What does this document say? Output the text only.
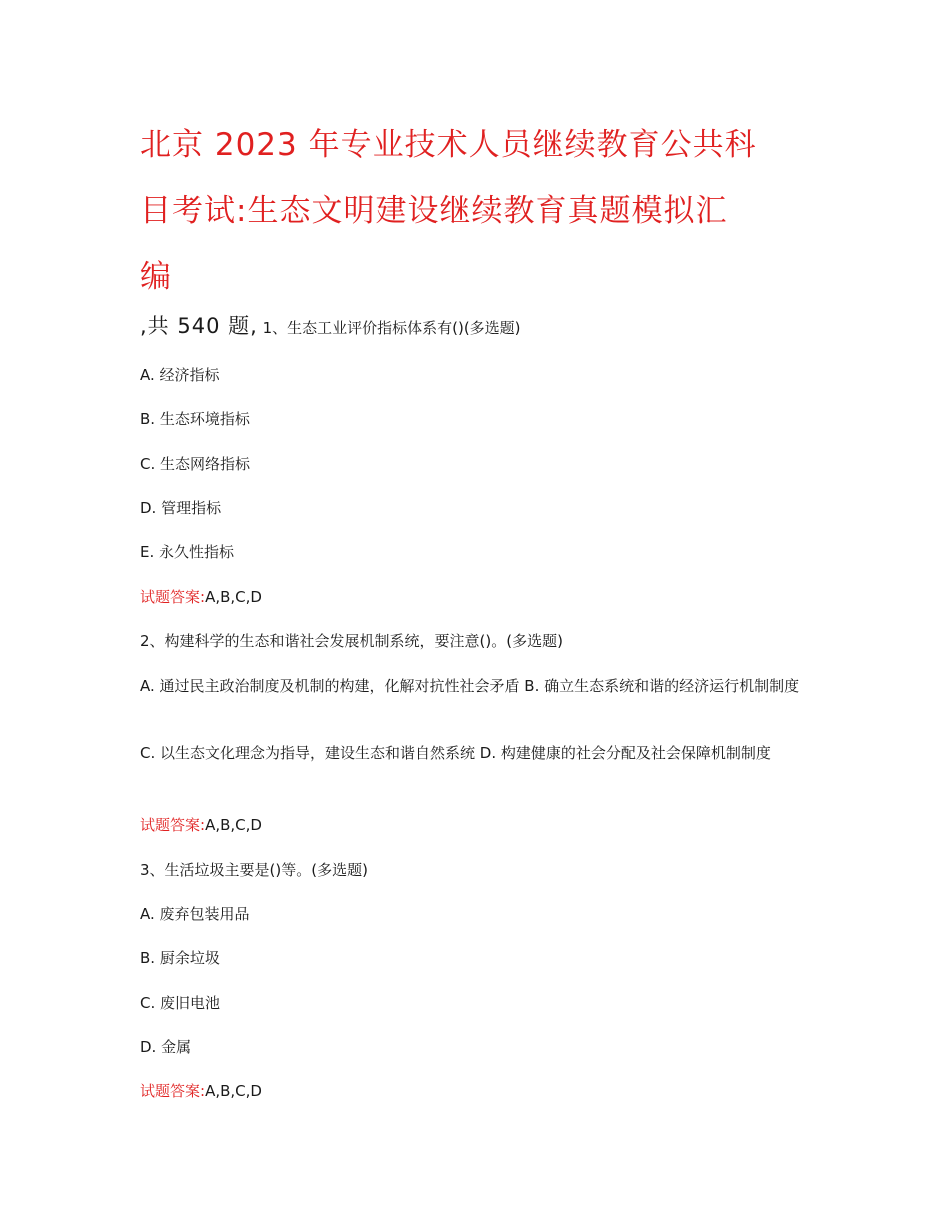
北京 2023 年专业技术人员继续教育公共科
目考试:生态文明建设继续教育真题模拟汇
编
,共 540 题, 1、生态工业评价指标体系有()(多选题)
A. 经济指标
B. 生态环境指标
C. 生态网络指标
D. 管理指标
E. 永久性指标
试题答案:A,B,C,D
2、构建科学的生态和谐社会发展机制系统，要注意()。(多选题)
A. 通过民主政治制度及机制的构建，化解对抗性社会矛盾 B. 确立生态系统和谐的经济运行机制制度
C. 以生态文化理念为指导，建设生态和谐自然系统 D. 构建健康的社会分配及社会保障机制制度
试题答案:A,B,C,D
3、生活垃圾主要是()等。(多选题)
A. 废弃包装用品
B. 厨余垃圾
C. 废旧电池
D. 金属
试题答案:A,B,C,D
